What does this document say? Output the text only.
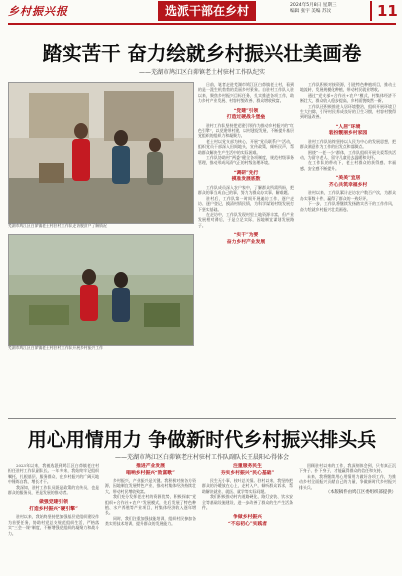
乡村振兴报	选派干部在乡村	2024年5月8日 星期三
编辑 张宇 美编 苏汶	11
踏实苦干 奋力绘就乡村振兴壮美画卷
——芜湖市鸠江区白茆镇老土村驻村工作队纪实
芜湖市鸠江区白茆镇老土村驻村工作队走访脱贫户了解情况
芜湖市鸠江区白茆镇老土村驻村工作队开展乡村振兴工作

日前，笔者走进芜湖市鸠江区白茆镇老土村，看到的是一派生机勃勃的美丽乡村景象。自驻村工作队入驻以来，聚焦乡村振兴目标任务，扎实推进各项工作，助力乡村产业发展、村容村貌改善、群众增收致富。

“党建”引领
打造过硬战斗堡垒

驻村工作队坚持把党建引领作为推动乡村振兴的“红色引擎”，以党建带村建，以村建促发展，不断提升基层党组织的组织力和凝聚力。

老土村以党支部为核心，开展“党员联系户”活动，组织党员干部深入田间地头，宣传政策，倾听民声，帮助群众解决生产生活中的实际困难。

工作队协助村“两委”健全各项制度，规范村级事务管理，推动形成风清气正的村级治理环境。

“调研”先行
摸准发展底数

工作队成员深入农户家中，了解群众所需所盼，把群众的事当成自己的事，努力为群众办实事、解难题。

驻村后，工作队第一时间开展遍访工作，逐户走访、逐户登记，摸清村情民情，为科学谋划村级发展打下坚实基础。

在走访中，工作队发现村里土地资源丰富，但产业发展相对滞后，于是立足实际，因地制宜谋划发展路子。

“实干”为要
奋力乡村产业发展

工作队积极对接资源，引进特色种植项目，推动土地流转，发展规模化种植，带动村民就业增收。

通过“党支部+合作社+农户”模式，村集体经济不断壮大，群众收入稳步提高，乡村面貌焕然一新。

工作队还积极推进人居环境整治，组织开展环境卫生大扫除，引导村民养成良好的卫生习惯，村容村貌得到明显改善。

“人居”环境
装扮靓丽乡村家园

驻村工作队始终坚持以人民为中心的发展思想，把群众满意作为工作的出发点和落脚点。

围绕“一老一小”群体，工作队组织开展关爱帮扶活动，为留守老人、留守儿童送去温暖和关怀。

在工作队的带动下，老土村群众的获得感、幸福感、安全感不断提升。

“美美”宜居
齐心共筑幸福乡村

驻村以来，工作队累计走访农户数百户次，为群众办实事数十件，赢得了群众的一致好评。

下一步，工作队将继续发扬踏实苦干的工作作风，奋力绘就乡村振兴壮美画卷。

用心用情用力 争做新时代乡村振兴排头兵
——芜湖市鸠江区白茆镇老庄村驻村工作队副队长王晨阳心得体会

2023年以来，我被选派到鸠江区白茆镇老庄村担任驻村工作队副队长。一年多来，我始终牢记组织嘱托，扎根基层、服务群众，在乡村振兴的广阔天地中锤炼自我、增长才干。

我深知，驻村工作队员既是政策的宣传员，也是群众的服务员，更是发展的推动者。

做强党建引领
打造乡村振兴“硬引擎”

驻村以来，我始终坚持把加强基层党组织建设作为首要任务，协助村党总支规范组织生活，严格落实“三会一课”制度，不断增强党组织的凝聚力和战斗力。

推进产业发展
唱响乡村振兴“致富歌”

乡村振兴，产业振兴是关键。我积极对接各方资源，因地制宜发展特色产业，推动村集体经济持续壮大，带动村民增收致富。

我们充分发挥老庄村的资源优势，积极探索“党组织+合作社+农户”发展模式，先后发展了特色种植、水产养殖等产业项目，村集体经济收入逐年增长。

同时，我们注重加强技能培训，组织村民参加各类实用技术培训，提升群众的发展能力。

注重服务民生
夯实乡村振兴“民心基础”

民生无小事，枝叶总关情。驻村以来，我坚持把群众的冷暖放在心上，走村入户，倾听群众诉求，帮助解决就业、就医、就学等实际问题。

我们积极推动村内道路硬化、路灯安装、饮水安全等基础设施建设，进一步改善了群众的生产生活条件。

争做乡村振兴
“不忘初心”实践者

回顾驻村以来的工作，我深刻体会到，只有真正沉下身子、扑下身子，才能赢得群众的信任和支持。

未来，我将继续用心用情用力做好各项工作，为推动乡村全面振兴贡献自己的力量，争做新时代乡村振兴排头兵。

（本版稿件由鸠江区委组织部提供）
